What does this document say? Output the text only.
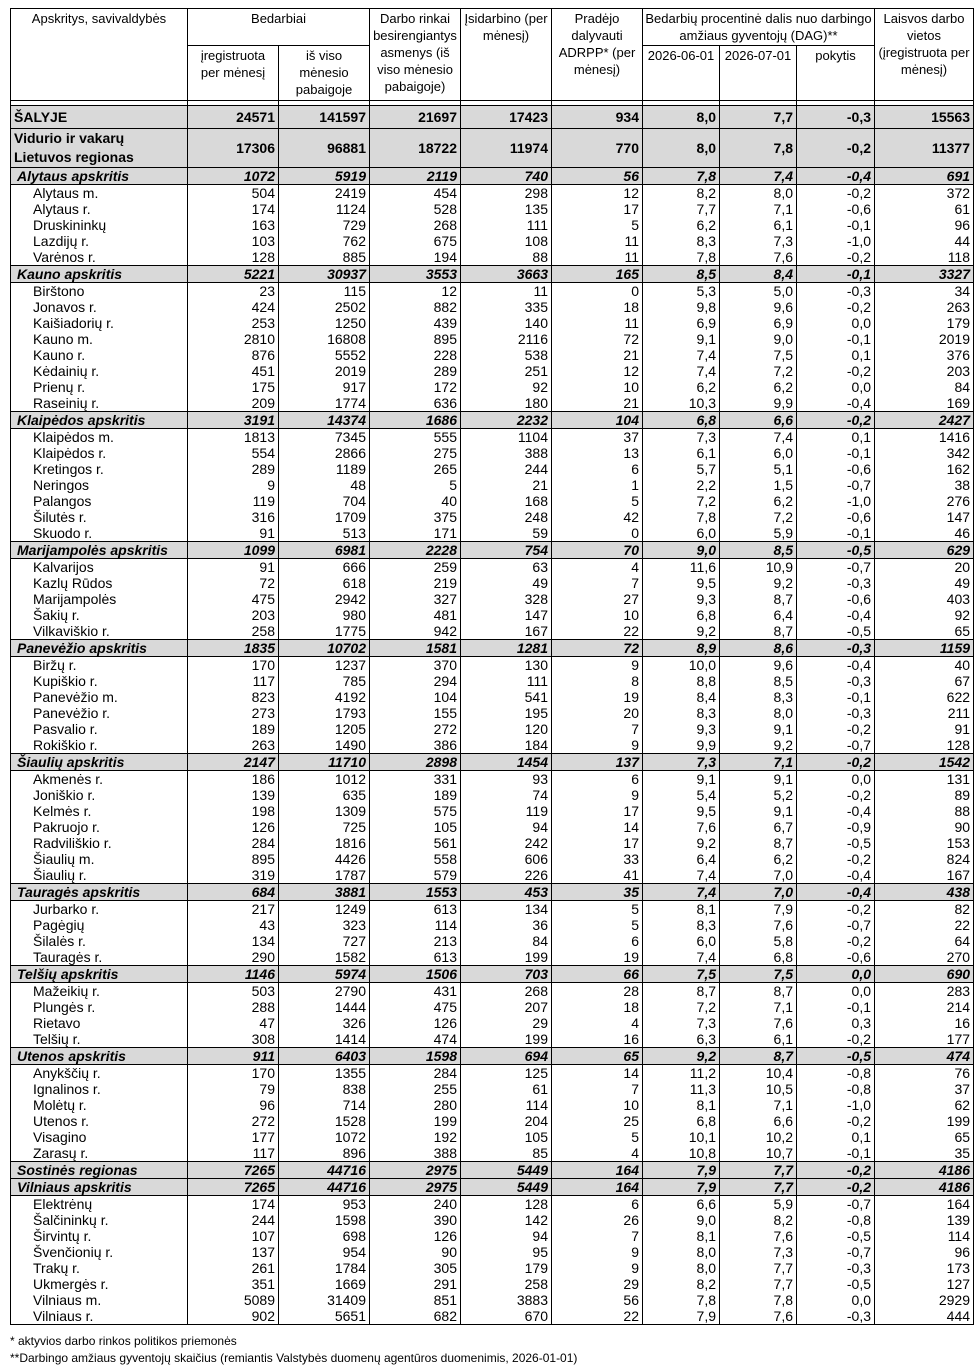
Apskritys, savivaldybės	Bedarbiai		Darbo rinkai besirengiantys asmenys (iš viso mėnesio pabaigoje)	Įsidarbino (per mėnesį)	Pradėjo dalyvauti ADRPP* (per mėnesį)	Bedarbių procentinė dalis nuo darbingo amžiaus gyventojų (DAG)**			Laisvos darbo vietos (įregistruota per mėnesį)
	įregistruota per mėnesį	iš viso mėnesio pabaigoje				2026-06-01	2026-07-01	pokytis	

ŠALYJE	24571	141597	21697	17423	934	8,0	7,7	-0,3	15563
Vidurio ir vakarų Lietuvos regionas	17306	96881	18722	11974	770	8,0	7,8	-0,2	11377
Alytaus apskritis	1072	5919	2119	740	56	7,8	7,4	-0,4	691
Alytaus m.	504	2419	454	298	12	8,2	8,0	-0,2	372
Alytaus r.	174	1124	528	135	17	7,7	7,1	-0,6	61
Druskininkų	163	729	268	111	5	6,2	6,1	-0,1	96
Lazdijų r.	103	762	675	108	11	8,3	7,3	-1,0	44
Varėnos r.	128	885	194	88	11	7,8	7,6	-0,2	118
Kauno apskritis	5221	30937	3553	3663	165	8,5	8,4	-0,1	3327
Birštono	23	115	12	11	0	5,3	5,0	-0,3	34
Jonavos r.	424	2502	882	335	18	9,8	9,6	-0,2	263
Kaišiadorių r.	253	1250	439	140	11	6,9	6,9	0,0	179
Kauno m.	2810	16808	895	2116	72	9,1	9,0	-0,1	2019
Kauno r.	876	5552	228	538	21	7,4	7,5	0,1	376
Kėdainių r.	451	2019	289	251	12	7,4	7,2	-0,2	203
Prienų r.	175	917	172	92	10	6,2	6,2	0,0	84
Raseinių r.	209	1774	636	180	21	10,3	9,9	-0,4	169
Klaipėdos apskritis	3191	14374	1686	2232	104	6,8	6,6	-0,2	2427
Klaipėdos m.	1813	7345	555	1104	37	7,3	7,4	0,1	1416
Klaipėdos r.	554	2866	275	388	13	6,1	6,0	-0,1	342
Kretingos r.	289	1189	265	244	6	5,7	5,1	-0,6	162
Neringos	9	48	5	21	1	2,2	1,5	-0,7	38
Palangos	119	704	40	168	5	7,2	6,2	-1,0	276
Šilutės r.	316	1709	375	248	42	7,8	7,2	-0,6	147
Skuodo r.	91	513	171	59	0	6,0	5,9	-0,1	46
Marijampolės apskritis	1099	6981	2228	754	70	9,0	8,5	-0,5	629
Kalvarijos	91	666	259	63	4	11,6	10,9	-0,7	20
Kazlų Rūdos	72	618	219	49	7	9,5	9,2	-0,3	49
Marijampolės	475	2942	327	328	27	9,3	8,7	-0,6	403
Šakių r.	203	980	481	147	10	6,8	6,4	-0,4	92
Vilkaviškio r.	258	1775	942	167	22	9,2	8,7	-0,5	65
Panevėžio apskritis	1835	10702	1581	1281	72	8,9	8,6	-0,3	1159
Biržų r.	170	1237	370	130	9	10,0	9,6	-0,4	40
Kupiškio r.	117	785	294	111	8	8,8	8,5	-0,3	67
Panevėžio m.	823	4192	104	541	19	8,4	8,3	-0,1	622
Panevėžio r.	273	1793	155	195	20	8,3	8,0	-0,3	211
Pasvalio r.	189	1205	272	120	7	9,3	9,1	-0,2	91
Rokiškio r.	263	1490	386	184	9	9,9	9,2	-0,7	128
Šiaulių apskritis	2147	11710	2898	1454	137	7,3	7,1	-0,2	1542
Akmenės r.	186	1012	331	93	6	9,1	9,1	0,0	131
Joniškio r.	139	635	189	74	9	5,4	5,2	-0,2	89
Kelmės r.	198	1309	575	119	17	9,5	9,1	-0,4	88
Pakruojo r.	126	725	105	94	14	7,6	6,7	-0,9	90
Radviliškio r.	284	1816	561	242	17	9,2	8,7	-0,5	153
Šiaulių m.	895	4426	558	606	33	6,4	6,2	-0,2	824
Šiaulių r.	319	1787	579	226	41	7,4	7,0	-0,4	167
Tauragės apskritis	684	3881	1553	453	35	7,4	7,0	-0,4	438
Jurbarko r.	217	1249	613	134	5	8,1	7,9	-0,2	82
Pagėgių	43	323	114	36	5	8,3	7,6	-0,7	22
Šilalės r.	134	727	213	84	6	6,0	5,8	-0,2	64
Tauragės r.	290	1582	613	199	19	7,4	6,8	-0,6	270
Telšių apskritis	1146	5974	1506	703	66	7,5	7,5	0,0	690
Mažeikių r.	503	2790	431	268	28	8,7	8,7	0,0	283
Plungės r.	288	1444	475	207	18	7,2	7,1	-0,1	214
Rietavo	47	326	126	29	4	7,3	7,6	0,3	16
Telšių r.	308	1414	474	199	16	6,3	6,1	-0,2	177
Utenos apskritis	911	6403	1598	694	65	9,2	8,7	-0,5	474
Anykščių r.	170	1355	284	125	14	11,2	10,4	-0,8	76
Ignalinos r.	79	838	255	61	7	11,3	10,5	-0,8	37
Molėtų r.	96	714	280	114	10	8,1	7,1	-1,0	62
Utenos r.	272	1528	199	204	25	6,8	6,6	-0,2	199
Visagino	177	1072	192	105	5	10,1	10,2	0,1	65
Zarasų r.	117	896	388	85	4	10,8	10,7	-0,1	35
Sostinės regionas	7265	44716	2975	5449	164	7,9	7,7	-0,2	4186
Vilniaus apskritis	7265	44716	2975	5449	164	7,9	7,7	-0,2	4186
Elektrėnų	174	953	240	128	6	6,6	5,9	-0,7	164
Šalčininkų r.	244	1598	390	142	26	9,0	8,2	-0,8	139
Širvintų r.	107	698	126	94	7	8,1	7,6	-0,5	114
Švenčionių r.	137	954	90	95	9	8,0	7,3	-0,7	96
Trakų r.	261	1784	305	179	9	8,0	7,7	-0,3	173
Ukmergės r.	351	1669	291	258	29	8,2	7,7	-0,5	127
Vilniaus m.	5089	31409	851	3883	56	7,8	7,8	0,0	2929
Vilniaus r.	902	5651	682	670	22	7,9	7,6	-0,3	444
* aktyvios darbo rinkos politikos priemonės
**Darbingo amžiaus gyventojų skaičius (remiantis Valstybės duomenų agentūros duomenimis, 2026-01-01)
